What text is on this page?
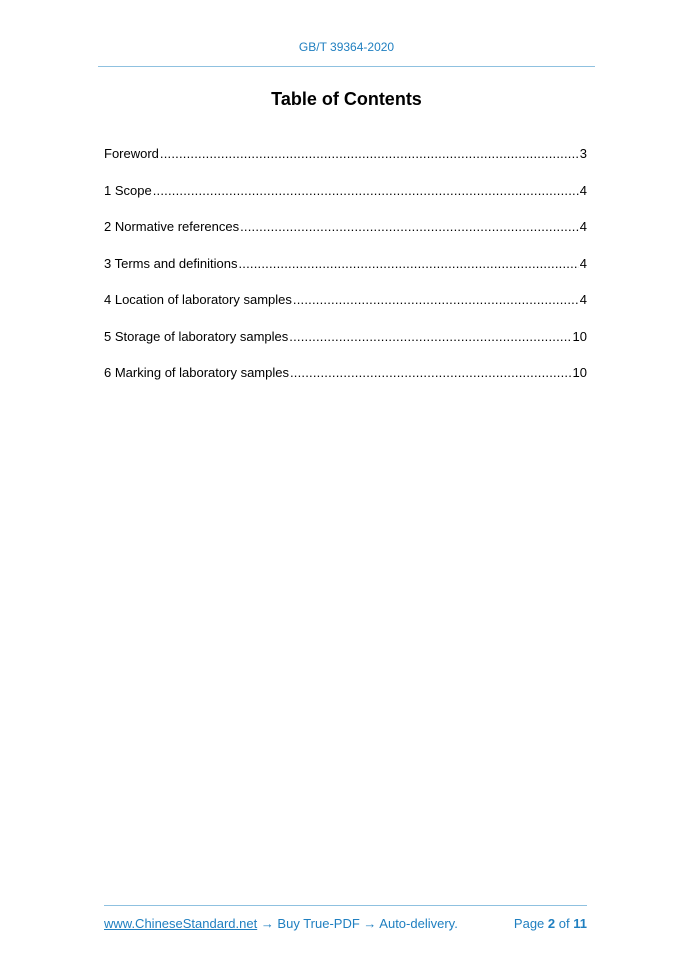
GB/T 39364-2020
Table of Contents
Foreword .....	3
1 Scope .....	4
2 Normative references .....	4
3 Terms and definitions .....	4
4 Location of laboratory samples .....	4
5 Storage of laboratory samples .....	10
6 Marking of laboratory samples .....	10
www.ChineseStandard.net → Buy True-PDF → Auto-delivery.	Page 2 of 11
